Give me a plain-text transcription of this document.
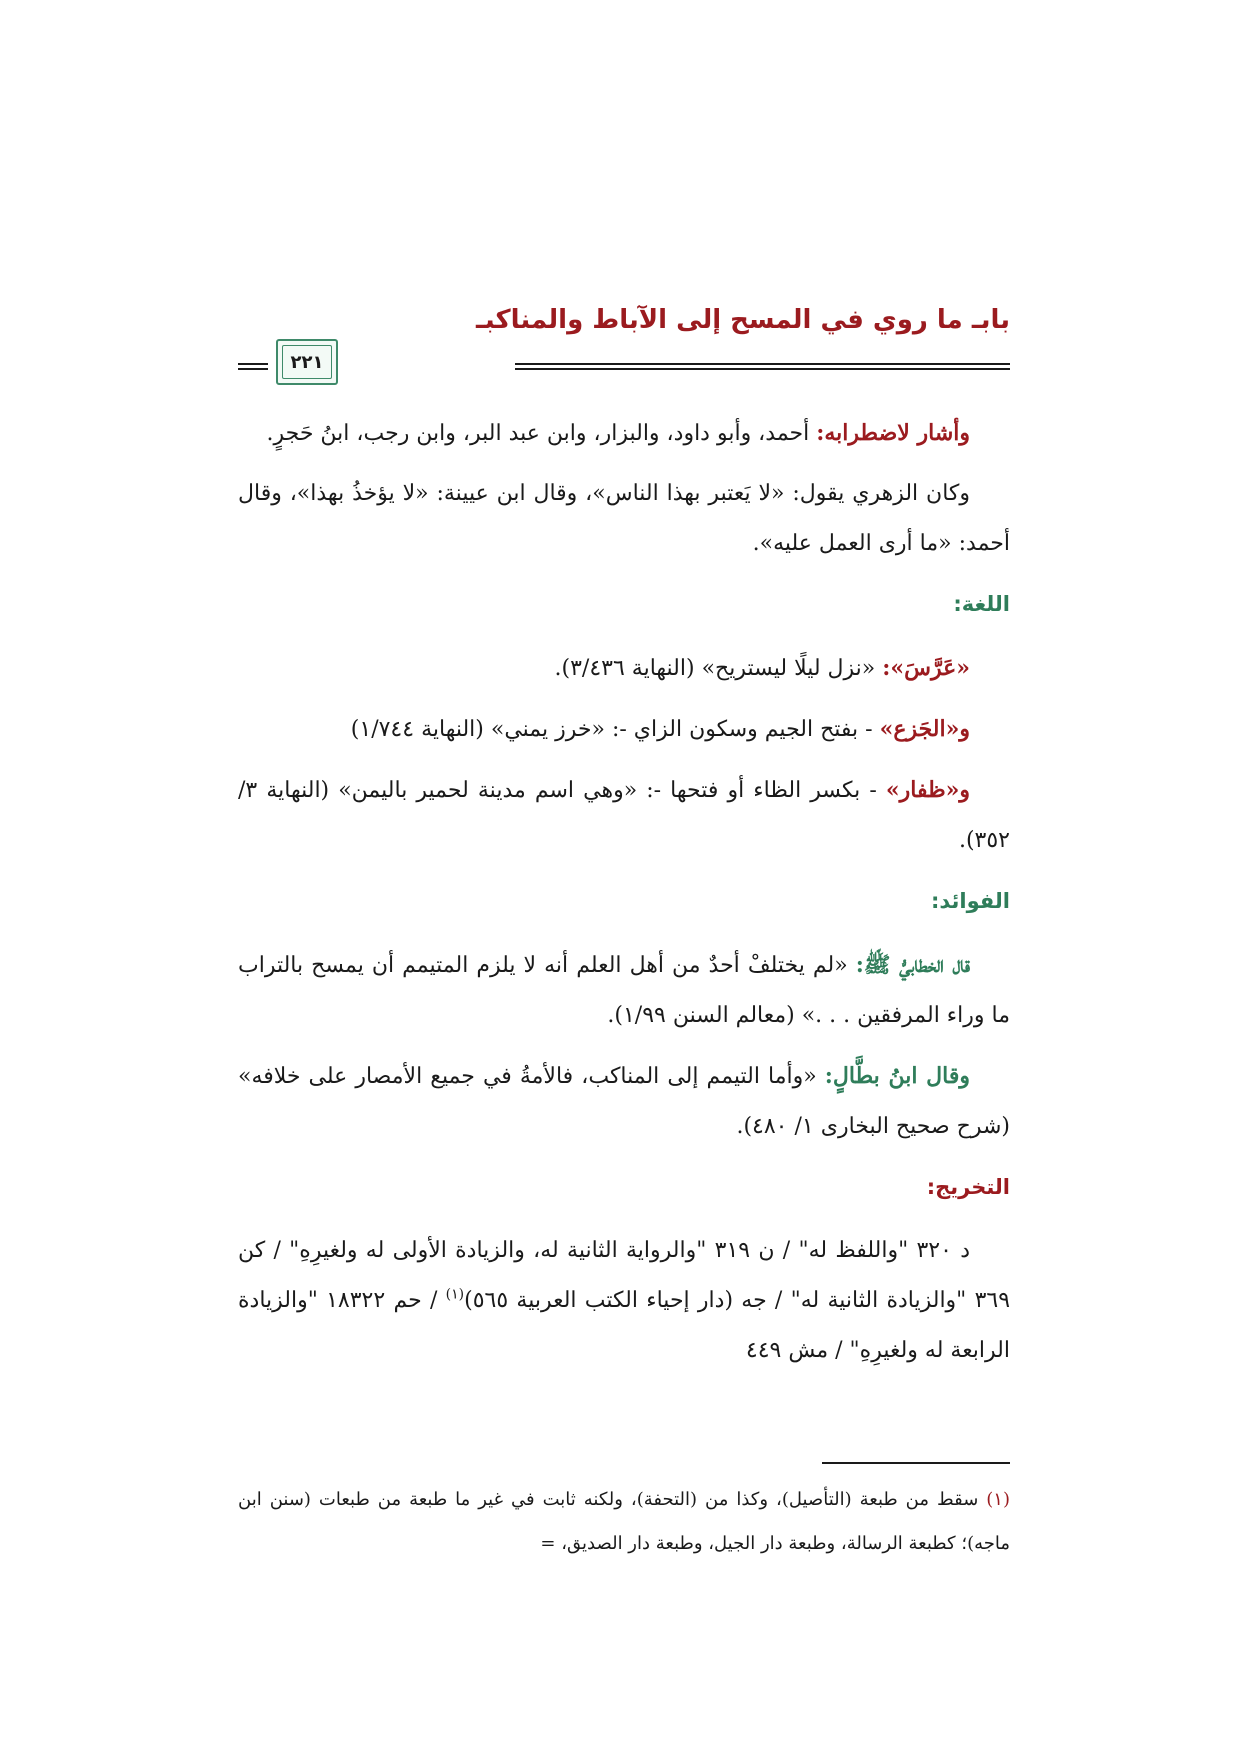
بابـ ما روي في المسح إلى الآباط والمناكبـ
٢٢١

وأشار لاضطرابه: أحمد، وأبو داود، والبزار، وابن عبد البر، وابن رجب، ابنُ حَجرٍ.

وكان الزهري يقول: «لا يَعتبر بهذا الناس»، وقال ابن عيينة: «لا يؤخذُ بهذا»، وقال أحمد: «ما أرى العمل عليه».

اللغة:

«عَرَّسَ»: «نزل ليلًا ليستريح» (النهاية ٣/٤٣٦).

و«الجَزع» - بفتح الجيم وسكون الزاي -: «خرز يمني» (النهاية ١/٧٤٤)

و«ظفار» - بكسر الظاء أو فتحها -: «وهي اسم مدينة لحمير باليمن» (النهاية ٣/ ٣٥٢).

الفوائد:

قال الخطابيُّ ﷺ: «لم يختلفْ أحدٌ من أهل العلم أنه لا يلزم المتيمم أن يمسح بالتراب ما وراء المرفقين . . .» (معالم السنن ١/٩٩).

وقال ابنُ بطَّالٍ: «وأما التيمم إلى المناكب، فالأمةُ في جميع الأمصار على خلافه» (شرح صحيح البخارى ١/ ٤٨٠).

التخريج:

د ٣٢٠ "واللفظ له" / ن ٣١٩ "والرواية الثانية له، والزيادة الأولى له ولغيرِهِ" / كن ٣٦٩ "والزيادة الثانية له" / جه (دار إحياء الكتب العربية ٥٦٥)$^{(١)}$ / حم ١٨٣٢٢ "والزيادة الرابعة له ولغيرِهِ" / مش ٤٤٩

(١) سقط من طبعة (التأصيل)، وكذا من (التحفة)، ولكنه ثابت في غير ما طبعة من طبعات (سنن ابن ماجه)؛ كطبعة الرسالة، وطبعة دار الجيل، وطبعة دار الصديق، =
